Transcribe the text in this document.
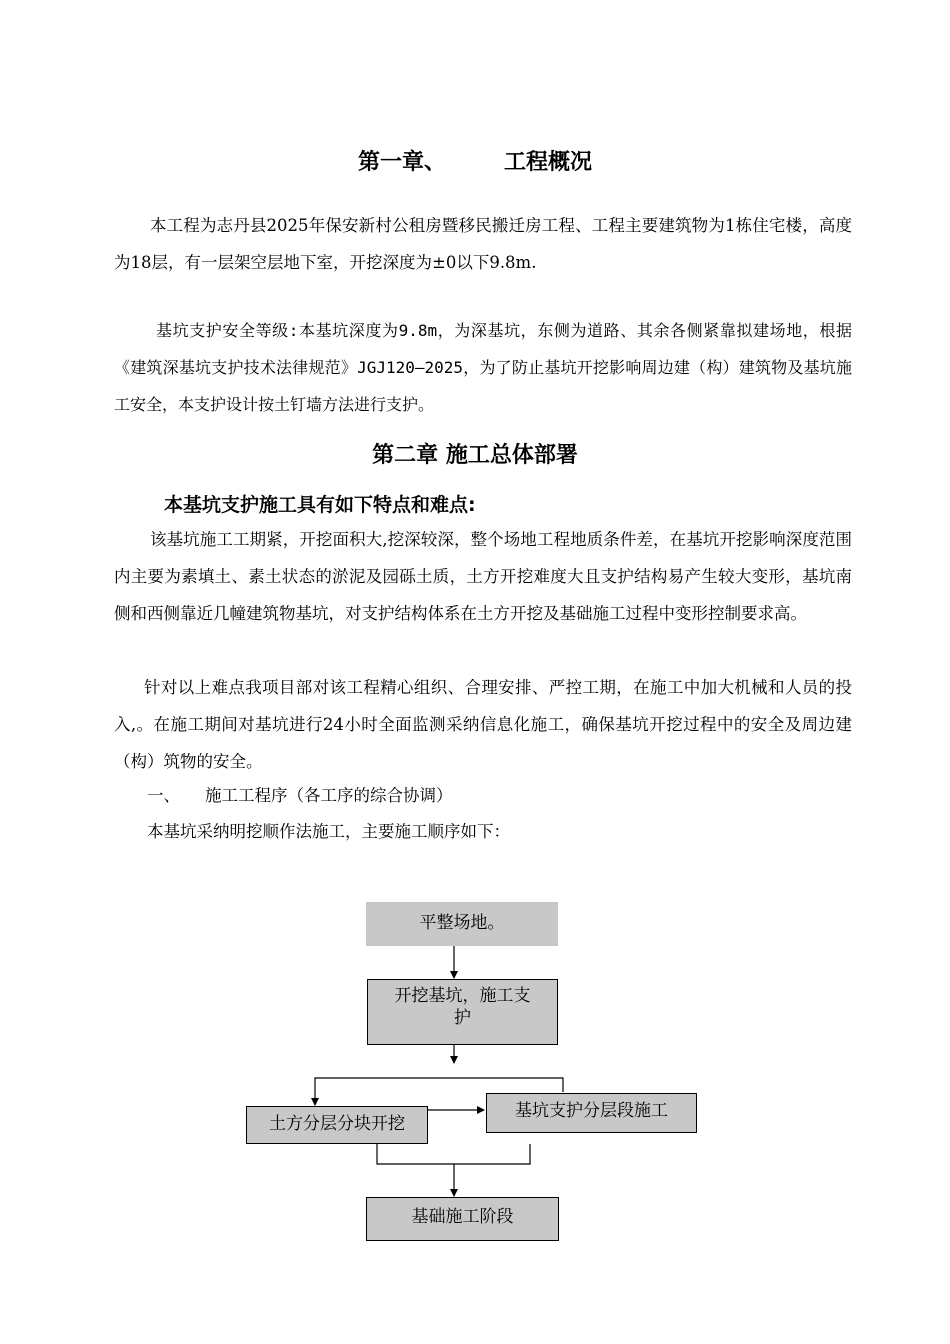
第一章、	工程概况
本工程为志丹县2025年保安新村公租房暨移民搬迁房工程、工程主要建筑物为1栋住宅楼，高度为18层，有一层架空层地下室，开挖深度为±0以下9.8m.
基坑支护安全等级:本基坑深度为9.8m，为深基坑，东侧为道路、其余各侧紧靠拟建场地，根据《建筑深基坑支护技术法律规范》JGJ120—2025，为了防止基坑开挖影响周边建（构）建筑物及基坑施工安全，本支护设计按土钉墙方法进行支护。
第二章 施工总体部署
本基坑支护施工具有如下特点和难点:
该基坑施工工期紧，开挖面积大,挖深较深，整个场地工程地质条件差，在基坑开挖影响深度范围内主要为素填土、素土状态的淤泥及园砾土质，土方开挖难度大且支护结构易产生较大变形，基坑南侧和西侧靠近几幢建筑物基坑，对支护结构体系在土方开挖及基础施工过程中变形控制要求高。
针对以上难点我项目部对该工程精心组织、合理安排、严控工期，在施工中加大机械和人员的投入,。在施工期间对基坑进行24小时全面监测采纳信息化施工，确保基坑开挖过程中的安全及周边建（构）筑物的安全。
一、 施工工程序（各工序的综合协调）
本基坑采纳明挖顺作法施工，主要施工顺序如下：
平整场地。
开挖基坑，施工支护
土方分层分块开挖
基坑支护分层段施工
基础施工阶段
